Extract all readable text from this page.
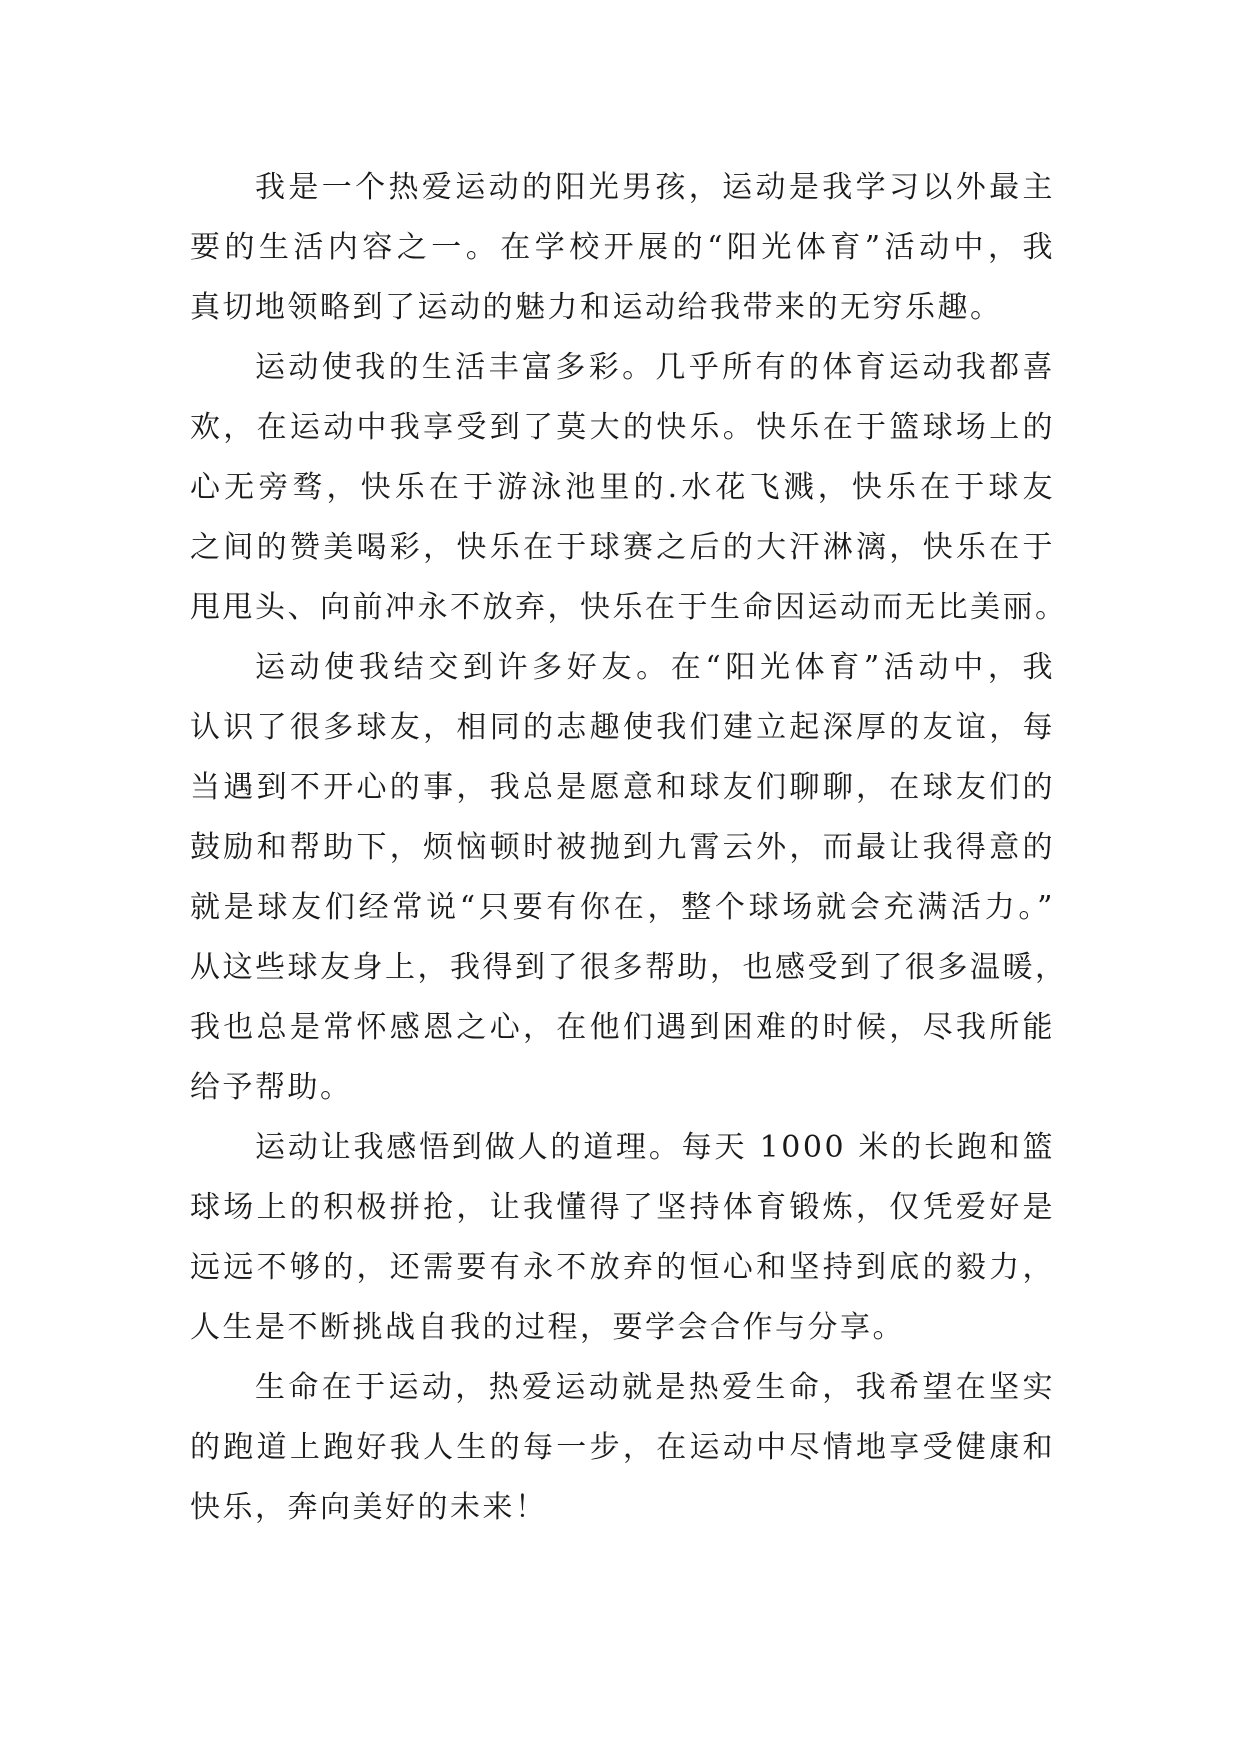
我是一个热爱运动的阳光男孩，运动是我学习以外最主
要的生活内容之一。在学校开展的“阳光体育”活动中，我
真切地领略到了运动的魅力和运动给我带来的无穷乐趣。
运动使我的生活丰富多彩。几乎所有的体育运动我都喜
欢，在运动中我享受到了莫大的快乐。快乐在于篮球场上的
心无旁骛，快乐在于游泳池里的.水花飞溅，快乐在于球友
之间的赞美喝彩，快乐在于球赛之后的大汗淋漓，快乐在于
甩甩头、向前冲永不放弃，快乐在于生命因运动而无比美丽。
运动使我结交到许多好友。在“阳光体育”活动中，我
认识了很多球友，相同的志趣使我们建立起深厚的友谊，每
当遇到不开心的事，我总是愿意和球友们聊聊，在球友们的
鼓励和帮助下，烦恼顿时被抛到九霄云外，而最让我得意的
就是球友们经常说“只要有你在，整个球场就会充满活力。”
从这些球友身上，我得到了很多帮助，也感受到了很多温暖，
我也总是常怀感恩之心，在他们遇到困难的时候，尽我所能
给予帮助。
运动让我感悟到做人的道理。每天 1000 米的长跑和篮
球场上的积极拼抢，让我懂得了坚持体育锻炼，仅凭爱好是
远远不够的，还需要有永不放弃的恒心和坚持到底的毅力，
人生是不断挑战自我的过程，要学会合作与分享。
生命在于运动，热爱运动就是热爱生命，我希望在坚实
的跑道上跑好我人生的每一步，在运动中尽情地享受健康和
快乐，奔向美好的未来！
